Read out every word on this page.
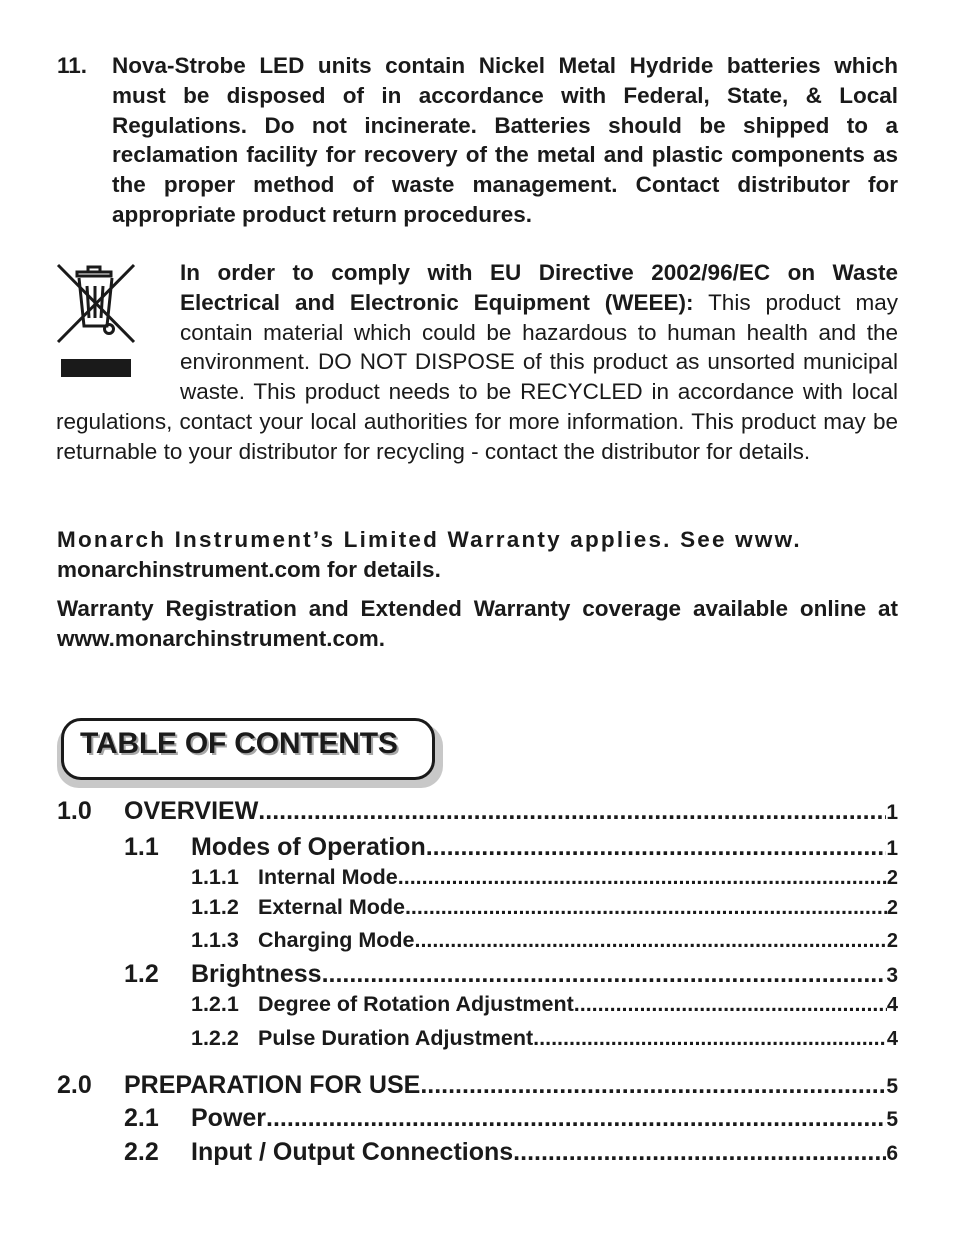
11. Nova-Strobe LED units contain Nickel Metal Hydride batteries which must be disposed of in accordance with Federal, State, & Local Regulations. Do not incinerate. Batteries should be shipped to a reclamation facility for recovery of the metal and plastic components as the proper method of waste management. Contact distributor for appropriate product return procedures.
In order to comply with EU Directive 2002/96/EC on Waste Electrical and Electronic Equipment (WEEE): This product may contain material which could be hazardous to human health and the environment. DO NOT DISPOSE of this product as unsorted municipal waste. This product needs to be RECYCLED in accordance with local regulations, contact your local authorities for more information. This product may be returnable to your distributor for recycling - contact the distributor for details.
Monarch Instrument’s Limited Warranty applies. See www.
monarchinstrument.com for details.
Warranty Registration and Extended Warranty coverage available online at www.monarchinstrument.com.
TABLE OF CONTENTS
1.0	OVERVIEW .....	1
1.1	Modes of Operation .....	1
1.1.1 Internal Mode .....	2
1.1.2 External Mode .....	2
1.1.3 Charging Mode .....	2
1.2	Brightness .....	3
1.2.1 Degree of Rotation Adjustment .....	4
1.2.2 Pulse Duration Adjustment .....	4
2.0	PREPARATION FOR USE .....	5
2.1	Power .....	5
2.2	Input / Output Connections .....	6
